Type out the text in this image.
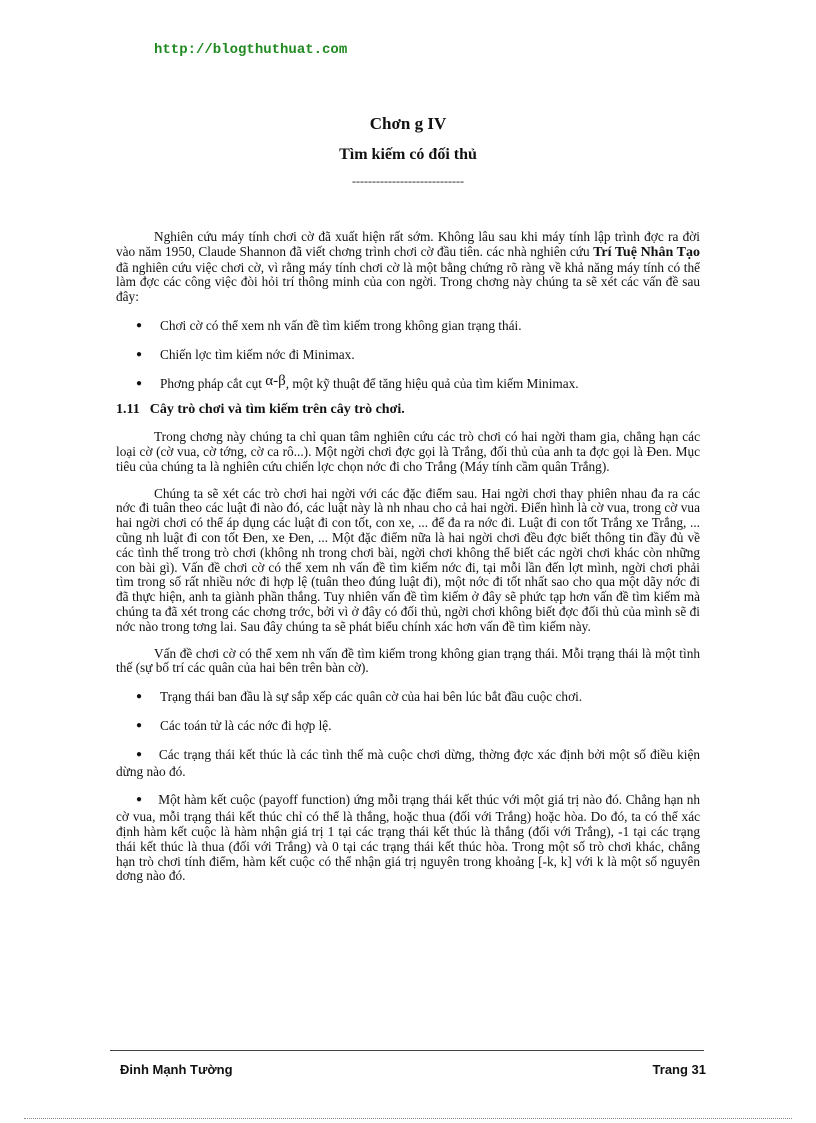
http://blogthuthuat.com
Chơn g IV
Tìm kiếm có đối thủ
----------------------------

Nghiên cứu máy tính chơi cờ đã xuất hiện rất sớm. Không lâu sau khi máy tính lập trình đợc ra đời vào năm 1950, Claude Shannon đã viết chơng trình chơi cờ đầu tiên. các nhà nghiên cứu Trí Tuệ Nhân Tạo đã nghiên cứu việc chơi cờ, vì rằng máy tính chơi cờ là một bằng chứng rõ ràng về khả năng máy tính có thể làm đợc các công việc đòi hỏi trí thông minh của con ngời. Trong chơng này chúng ta sẽ xét các vấn đề sau đây:

● Chơi cờ có thể xem nh vấn đề tìm kiếm trong không gian trạng thái.
● Chiến lợc tìm kiếm nớc đi Minimax.
● Phơng pháp cắt cụt α-β, một kỹ thuật để tăng hiệu quả của tìm kiếm Minimax.

1.11 Cây trò chơi và tìm kiếm trên cây trò chơi.

Trong chơng này chúng ta chỉ quan tâm nghiên cứu các trò chơi có hai ngời tham gia, chẳng hạn các loại cờ (cờ vua, cờ tớng, cờ ca rô...). Một ngời chơi đợc gọi là Trắng, đối thủ của anh ta đợc gọi là Đen. Mục tiêu của chúng ta là nghiên cứu chiến lợc chọn nớc đi cho Trắng (Máy tính cầm quân Trắng).

Chúng ta sẽ xét các trò chơi hai ngời với các đặc điểm sau. Hai ngời chơi thay phiên nhau đa ra các nớc đi tuân theo các luật đi nào đó, các luật này là nh nhau cho cả hai ngời. Điển hình là cờ vua, trong cờ vua hai ngời chơi có thể áp dụng các luật đi con tốt, con xe, ... để đa ra nớc đi. Luật đi con tốt Trắng xe Trắng, ... cũng nh luật đi con tốt Đen, xe Đen, ... Một đặc điểm nữa là hai ngời chơi đều đợc biết thông tin đầy đủ về các tình thế trong trò chơi (không nh trong chơi bài, ngời chơi không thể biết các ngời chơi khác còn những con bài gì). Vấn đề chơi cờ có thể xem nh vấn đề tìm kiếm nớc đi, tại mỗi lần đến lợt mình, ngời chơi phải tìm trong số rất nhiều nớc đi hợp lệ (tuân theo đúng luật đi), một nớc đi tốt nhất sao cho qua một dãy nớc đi đã thực hiện, anh ta giành phần thắng. Tuy nhiên vấn đề tìm kiếm ở đây sẽ phức tạp hơn vấn đề tìm kiếm mà chúng ta đã xét trong các chơng trớc, bởi vì ở đây có đối thủ, ngời chơi không biết đợc đối thủ của mình sẽ đi nớc nào trong tơng lai. Sau đây chúng ta sẽ phát biểu chính xác hơn vấn đề tìm kiếm này.

Vấn đề chơi cờ có thể xem nh vấn đề tìm kiếm trong không gian trạng thái. Mỗi trạng thái là một tình thế (sự bố trí các quân của hai bên trên bàn cờ).

● Trạng thái ban đầu là sự sắp xếp các quân cờ của hai bên lúc bắt đầu cuộc chơi.
● Các toán tử là các nớc đi hợp lệ.
● Các trạng thái kết thúc là các tình thế mà cuộc chơi dừng, thờng đợc xác định bởi một số điều kiện dừng nào đó.
● Một hàm kết cuộc (payoff function) ứng mỗi trạng thái kết thúc với một giá trị nào đó. Chẳng hạn nh cờ vua, mỗi trạng thái kết thúc chỉ có thể là thắng, hoặc thua (đối với Trắng) hoặc hòa. Do đó, ta có thể xác định hàm kết cuộc là hàm nhận giá trị 1 tại các trạng thái kết thúc là thắng (đối với Trắng), -1 tại các trạng thái kết thúc là thua (đối với Trắng) và 0 tại các trạng thái kết thúc hòa. Trong một số trò chơi khác, chẳng hạn trò chơi tính điểm, hàm kết cuộc có thể nhận giá trị nguyên trong khoảng [-k, k] với k là một số nguyên dơng nào đó.
Đinh Mạnh Tường	Trang 31
